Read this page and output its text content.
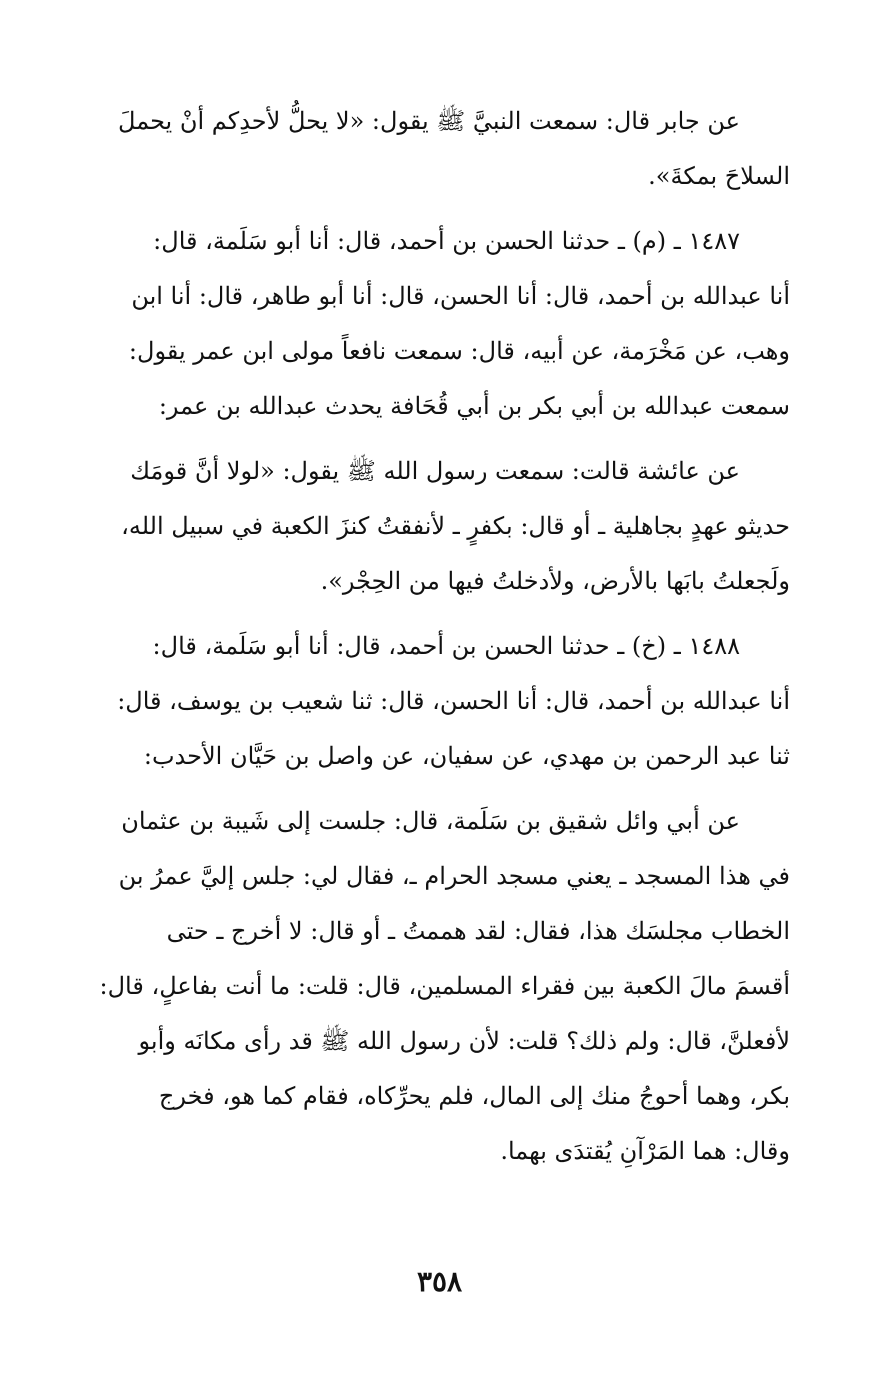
عن جابر قال: سمعت النبيَّ ﷺ يقول: «لا يحلُّ لأحدِكم أنْ يحملَ
السلاحَ بمكةَ».
١٤٨٧ ـ (م) ـ حدثنا الحسن بن أحمد، قال: أنا أبو سَلَمة، قال:
أنا عبدالله بن أحمد، قال: أنا الحسن، قال: أنا أبو طاهر، قال: أنا ابن
وهب، عن مَخْرَمة، عن أبيه، قال: سمعت نافعاً مولى ابن عمر يقول:
سمعت عبدالله بن أبي بكر بن أبي قُحَافة يحدث عبدالله بن عمر:
عن عائشة قالت: سمعت رسول الله ﷺ يقول: «لولا أنَّ قومَك
حديثو عهدٍ بجاهلية ـ أو قال: بكفرٍ ـ لأنفقتُ كنزَ الكعبة في سبيل الله،
ولَجعلتُ بابَها بالأرض، ولأدخلتُ فيها من الحِجْر».
١٤٨٨ ـ (خ) ـ حدثنا الحسن بن أحمد، قال: أنا أبو سَلَمة، قال:
أنا عبدالله بن أحمد، قال: أنا الحسن، قال: ثنا شعيب بن يوسف، قال:
ثنا عبد الرحمن بن مهدي، عن سفيان، عن واصل بن حَيَّان الأحدب:
عن أبي وائل شقيق بن سَلَمة، قال: جلست إلى شَيبة بن عثمان
في هذا المسجد ـ يعني مسجد الحرام ـ، فقال لي: جلس إليَّ عمرُ بن
الخطاب مجلسَك هذا، فقال: لقد هممتُ ـ أو قال: لا أخرج ـ حتى
أقسمَ مالَ الكعبة بين فقراء المسلمين، قال: قلت: ما أنت بفاعلٍ، قال:
لأفعلنَّ، قال: ولم ذلك؟ قلت: لأن رسول الله ﷺ قد رأى مكانَه وأبو
بكر، وهما أحوجُ منك إلى المال، فلم يحرِّكاه، فقام كما هو، فخرج
وقال: هما المَرْآنِ يُقتدَى بهما.
٣٥٨
